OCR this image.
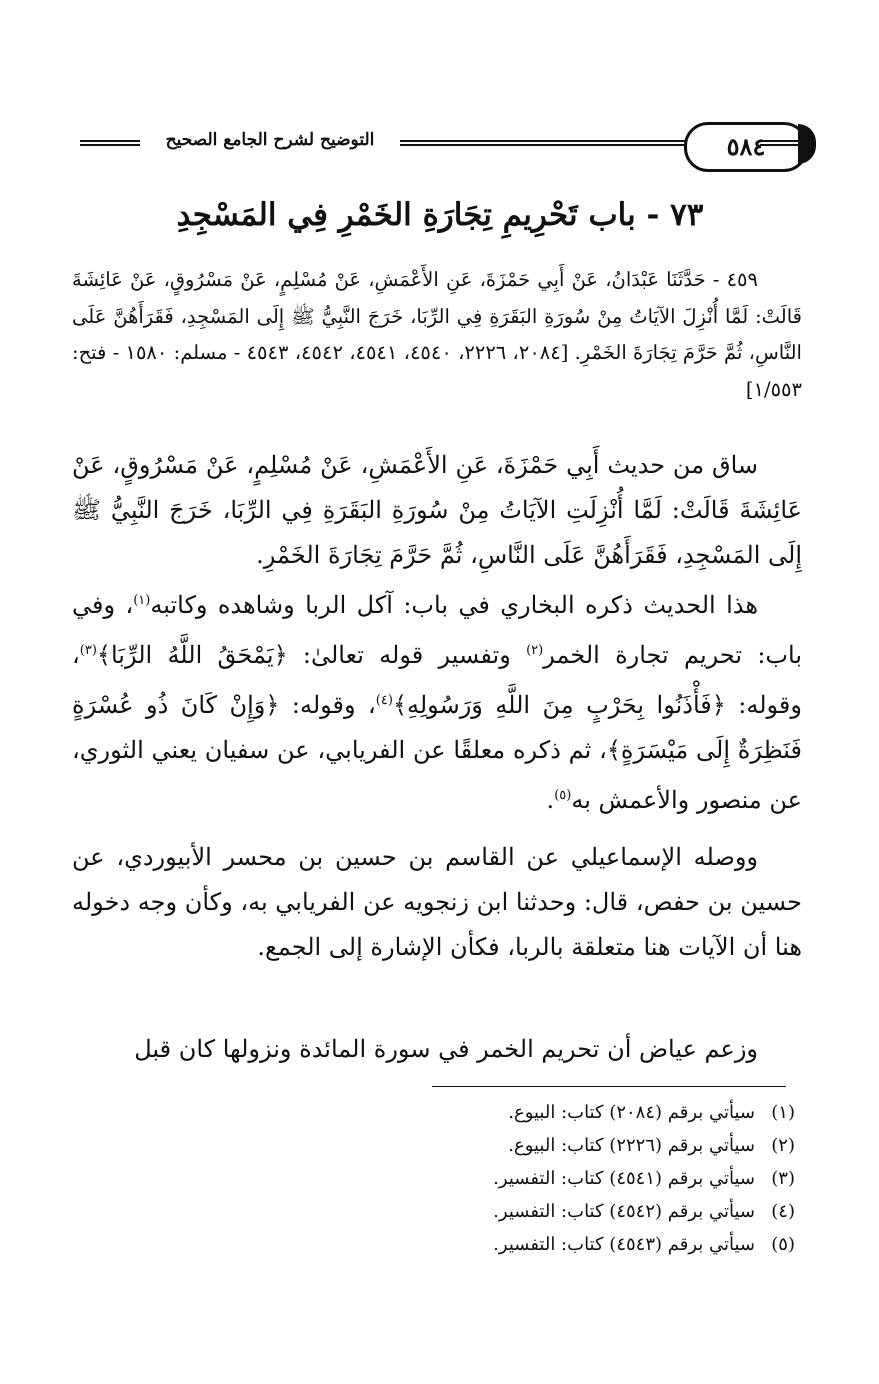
التوضيح لشرح الجامع الصحيح	٥٨٤
٧٣ - باب تَحْرِيمِ تِجَارَةِ الخَمْرِ فِي المَسْجِدِ

٤٥٩ - حَدَّثَنَا عَبْدَانُ، عَنْ أَبِي حَمْزَةَ، عَنِ الأَعْمَشِ، عَنْ مُسْلِمٍ، عَنْ مَسْرُوقٍ، عَنْ عَائِشَةَ قَالَتْ: لَمَّا أُنْزِلَ الآيَاتُ مِنْ سُورَةِ البَقَرَةِ فِي الرِّبَا، خَرَجَ النَّبِيُّ ﷺ إِلَى المَسْجِدِ، فَقَرَأَهُنَّ عَلَى النَّاسِ، ثُمَّ حَرَّمَ تِجَارَةَ الخَمْرِ. [٢٠٨٤، ٢٢٢٦، ٤٥٤٠، ٤٥٤١، ٤٥٤٢، ٤٥٤٣ - مسلم: ١٥٨٠ - فتح: ١/٥٥٣]

ساق من حديث أَبِي حَمْزَةَ، عَنِ الأَعْمَشِ، عَنْ مُسْلِمٍ، عَنْ مَسْرُوقٍ، عَنْ عَائِشَةَ قَالَتْ: لَمَّا أُنْزِلَتِ الآيَاتُ مِنْ سُورَةِ البَقَرَةِ فِي الرِّبَا، خَرَجَ النَّبِيُّ ﷺ إِلَى المَسْجِدِ، فَقَرَأَهُنَّ عَلَى النَّاسِ، ثُمَّ حَرَّمَ تِجَارَةَ الخَمْرِ.

هذا الحديث ذكره البخاري في باب: آكل الربا وشاهده وكاتبه$^{(١)}$، وفي باب: تحريم تجارة الخمر$^{(٢)}$ وتفسير قوله تعالىٰ: ﴿يَمْحَقُ اللَّهُ الرِّبَا﴾$^{(٣)}$، وقوله: ﴿فَأْذَنُوا بِحَرْبٍ مِنَ اللَّهِ وَرَسُولِهِ﴾$^{(٤)}$، وقوله: ﴿وَإِنْ كَانَ ذُو عُسْرَةٍ فَنَظِرَةٌ إِلَى مَيْسَرَةٍ﴾، ثم ذكره معلقًا عن الفريابي، عن سفيان يعني الثوري، عن منصور والأعمش به$^{(٥)}$.

ووصله الإسماعيلي عن القاسم بن حسين بن محسر الأبيوردي، عن حسين بن حفص، قال: وحدثنا ابن زنجويه عن الفريابي به، وكأن وجه دخوله هنا أن الآيات هنا متعلقة بالربا، فكأن الإشارة إلى الجمع.

وزعم عياض أن تحريم الخمر في سورة المائدة ونزولها كان قبل

(١)سيأتي برقم (٢٠٨٤) كتاب: البيوع.
(٢)سيأتي برقم (٢٢٢٦) كتاب: البيوع.
(٣)سيأتي برقم (٤٥٤١) كتاب: التفسير.
(٤)سيأتي برقم (٤٥٤٢) كتاب: التفسير.
(٥)سيأتي برقم (٤٥٤٣) كتاب: التفسير.
